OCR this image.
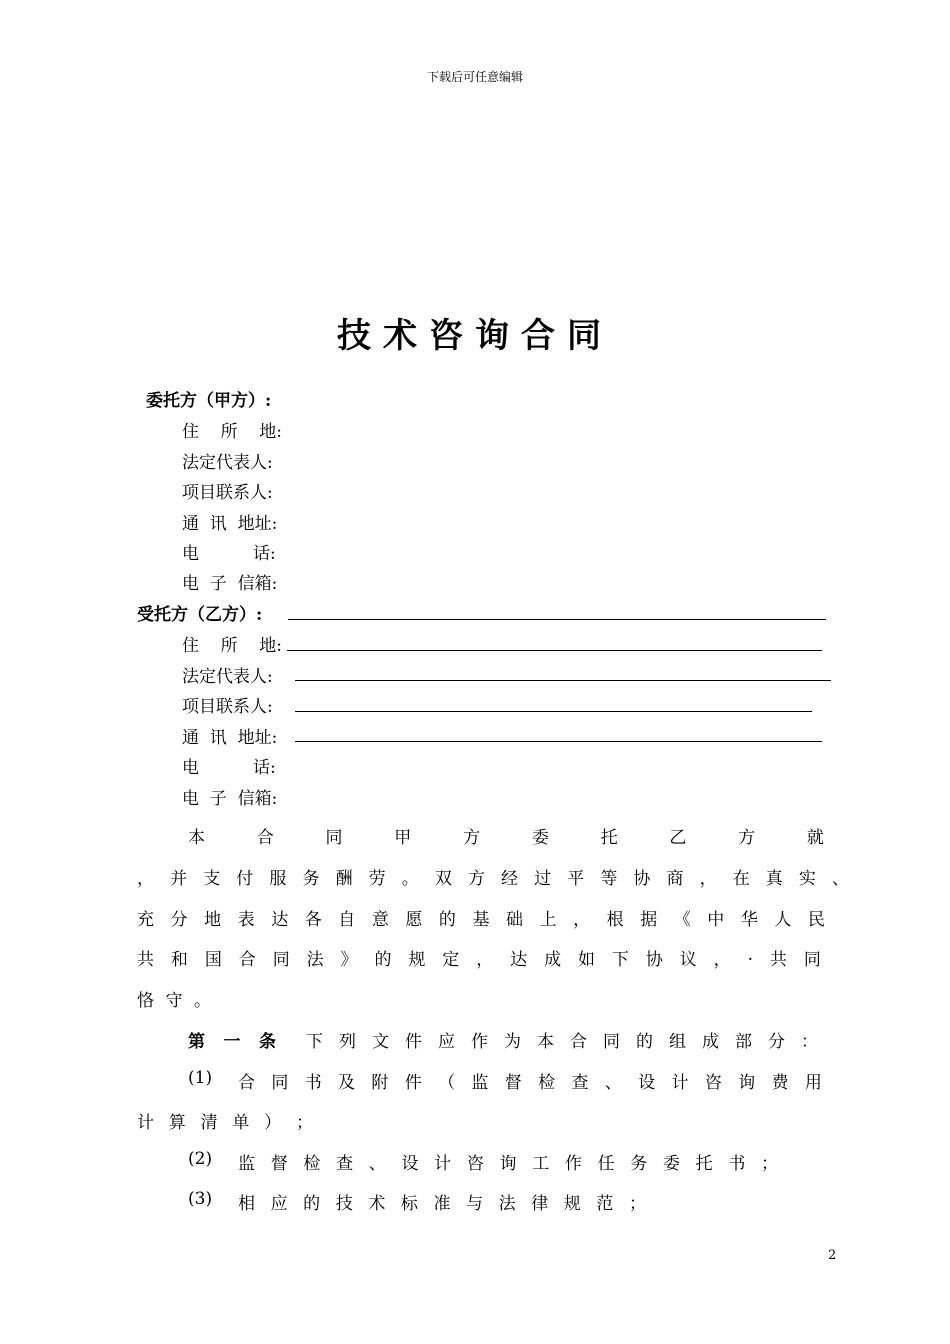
下载后可任意编辑
技术咨询合同
委托方（甲方）:
住    所    地:
法定代表人:
项目联系人:
通  讯  地址:
电          话:
电  子  信箱:
受托方（乙方）:
住    所    地:
法定代表人:
项目联系人:
通  讯  地址:
电          话:
电  子  信箱:
本	合	同	甲	方	委	托	乙	方	就
， 并 支 付 服 务 酬 劳 。 双 方 经 过 平 等 协 商 ， 在 真 实 、
充 分 地 表 达 各 自 意 愿 的 基 础 上 ， 根 据 《 中 华 人 民
共 和 国 合 同 法 》 的 规 定 ， 达 成 如 下 协 议 ， . 共 同
恪 守 。
第 一 条 下 列 文 件 应 作 为 本 合 同 的 组 成 部 分 ：
(1) 合 同 书 及 附 件 （ 监 督 检 查 、 设 计 咨 询 费 用
计 算 清 单 ） ；
(2) 监 督 检 查 、 设 计 咨 询 工 作 任 务 委 托 书 ；
(3) 相 应 的 技 术 标 准 与 法 律 规 范 ；
2
